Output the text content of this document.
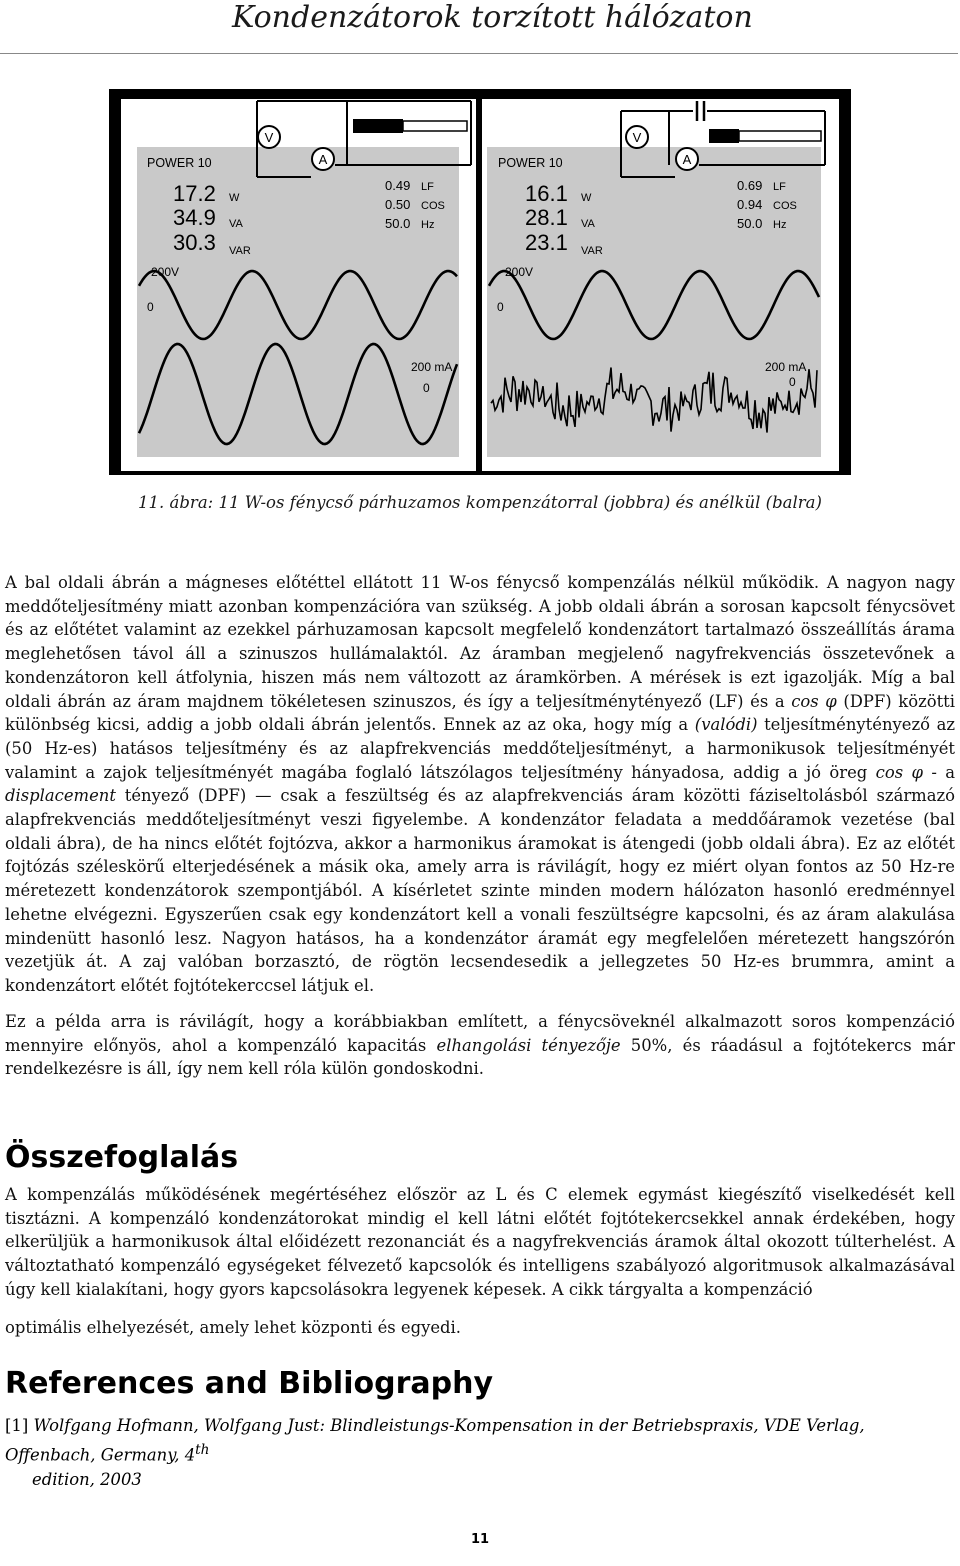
Kondenzátorok torzított hálózaton
V
A
POWER 10
17.2 W
34.9 VA
30.3 VAR
0.49 LF
0.50 COS
50.0 Hz
200V
0
200 mA
0
V
A
POWER 10
16.1 W
28.1 VA
23.1 VAR
0.69 LF
0.94 COS
50.0 Hz
200V
0
200 mA
0
11. ábra: 11 W-os fénycső párhuzamos kompenzátorral (jobbra) és anélkül (balra)
A bal oldali ábrán a mágneses előtéttel ellátott 11 W-os fénycső kompenzálás nélkül működik. A nagyon nagy meddőteljesítmény miatt azonban kompenzációra van szükség. A jobb oldali ábrán a sorosan kapcsolt fénycsövet és az előtétet valamint az ezekkel párhuzamosan kapcsolt megfelelő kondenzátort tartalmazó összeállítás árama meglehetősen távol áll a szinuszos hullámalaktól. Az áramban megjelenő nagyfrekvenciás összetevőnek a kondenzátoron kell átfolynia, hiszen más nem változott az áramkörben. A mérések is ezt igazolják. Míg a bal oldali ábrán az áram majdnem tökéletesen szinuszos, és így a teljesítménytényező (LF) és a cos φ (DPF) közötti különbség kicsi, addig a jobb oldali ábrán jelentős. Ennek az az oka, hogy míg a (valódi) teljesítménytényező az (50 Hz-es) hatásos teljesítmény és az alapfrekvenciás meddőteljesítményt, a harmonikusok teljesítményét valamint a zajok teljesítményét magába foglaló látszólagos teljesítmény hányadosa, addig a jó öreg cos φ - a displacement tényező (DPF) — csak a feszültség és az alapfrekvenciás áram közötti fáziseltolásból származó alapfrekvenciás meddőteljesítményt veszi figyelembe. A kondenzátor feladata a meddőáramok vezetése (bal oldali ábra), de ha nincs előtét fojtózva, akkor a harmonikus áramokat is átengedi (jobb oldali ábra). Ez az előtét fojtózás széleskörű elterjedésének a másik oka, amely arra is rávilágít, hogy ez miért olyan fontos az 50 Hz-re méretezett kondenzátorok szempontjából. A kísérletet szinte minden modern hálózaton hasonló eredménnyel lehetne elvégezni. Egyszerűen csak egy kondenzátort kell a vonali feszültségre kapcsolni, és az áram alakulása mindenütt hasonló lesz. Nagyon hatásos, ha a kondenzátor áramát egy megfelelően méretezett hangszórón vezetjük át. A zaj valóban borzasztó, de rögtön lecsendesedik a jellegzetes 50 Hz-es brummra, amint a kondenzátort előtét fojtótekerccsel látjuk el.
Ez a példa arra is rávilágít, hogy a korábbiakban említett, a fénycsöveknél alkalmazott soros kompenzáció mennyire előnyös, ahol a kompenzáló kapacitás elhangolási tényezője 50%, és ráadásul a fojtótekercs már rendelkezésre is áll, így nem kell róla külön gondoskodni.
Összefoglalás
A kompenzálás működésének megértéséhez először az L és C elemek egymást kiegészítő viselkedését kell tisztázni. A kompenzáló kondenzátorokat mindig el kell látni előtét fojtótekercsekkel annak érdekében, hogy elkerüljük a harmonikusok által előidézett rezonanciát és a nagyfrekvenciás áramok által okozott túlterhelést. A változtatható kompenzáló egységeket félvezető kapcsolók és intelligens szabályozó algoritmusok alkalmazásával úgy kell kialakítani, hogy gyors kapcsolásokra legyenek képesek. A cikk tárgyalta a kompenzáció
optimális elhelyezését, amely lehet központi és egyedi.
References and Bibliography
[1] Wolfgang Hofmann, Wolfgang Just: Blindleistungs-Kompensation in der Betriebspraxis, VDE Verlag, Offenbach, Germany, 4th
edition, 2003
11
